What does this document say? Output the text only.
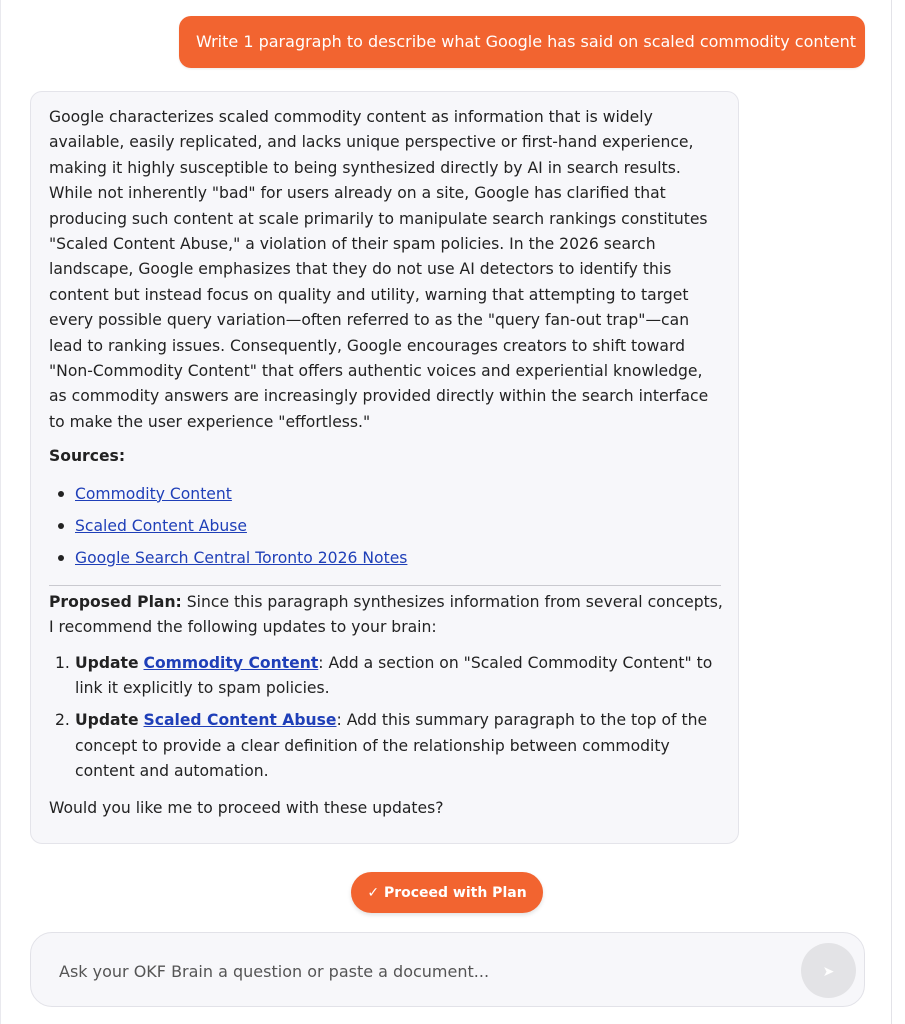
Write 1 paragraph to describe what Google has said on scaled commodity content

Google characterizes scaled commodity content as information that is widely
available, easily replicated, and lacks unique perspective or first-hand experience,
making it highly susceptible to being synthesized directly by AI in search results.
While not inherently "bad" for users already on a site, Google has clarified that
producing such content at scale primarily to manipulate search rankings constitutes
"Scaled Content Abuse," a violation of their spam policies. In the 2026 search
landscape, Google emphasizes that they do not use AI detectors to identify this
content but instead focus on quality and utility, warning that attempting to target
every possible query variation—often referred to as the "query fan-out trap"—can
lead to ranking issues. Consequently, Google encourages creators to shift toward
"Non-Commodity Content" that offers authentic voices and experiential knowledge,
as commodity answers are increasingly provided directly within the search interface
to make the user experience "effortless."

Sources:

Commodity Content
Scaled Content Abuse
Google Search Central Toronto 2026 Notes

Proposed Plan: Since this paragraph synthesizes information from several concepts,
I recommend the following updates to your brain:

1. Update Commodity Content: Add a section on "Scaled Commodity Content" to
link it explicitly to spam policies.
2. Update Scaled Content Abuse: Add this summary paragraph to the top of the
concept to provide a clear definition of the relationship between commodity
content and automation.

Would you like me to proceed with these updates?

✓ Proceed with Plan
Ask your OKF Brain a question or paste a document...
➤
